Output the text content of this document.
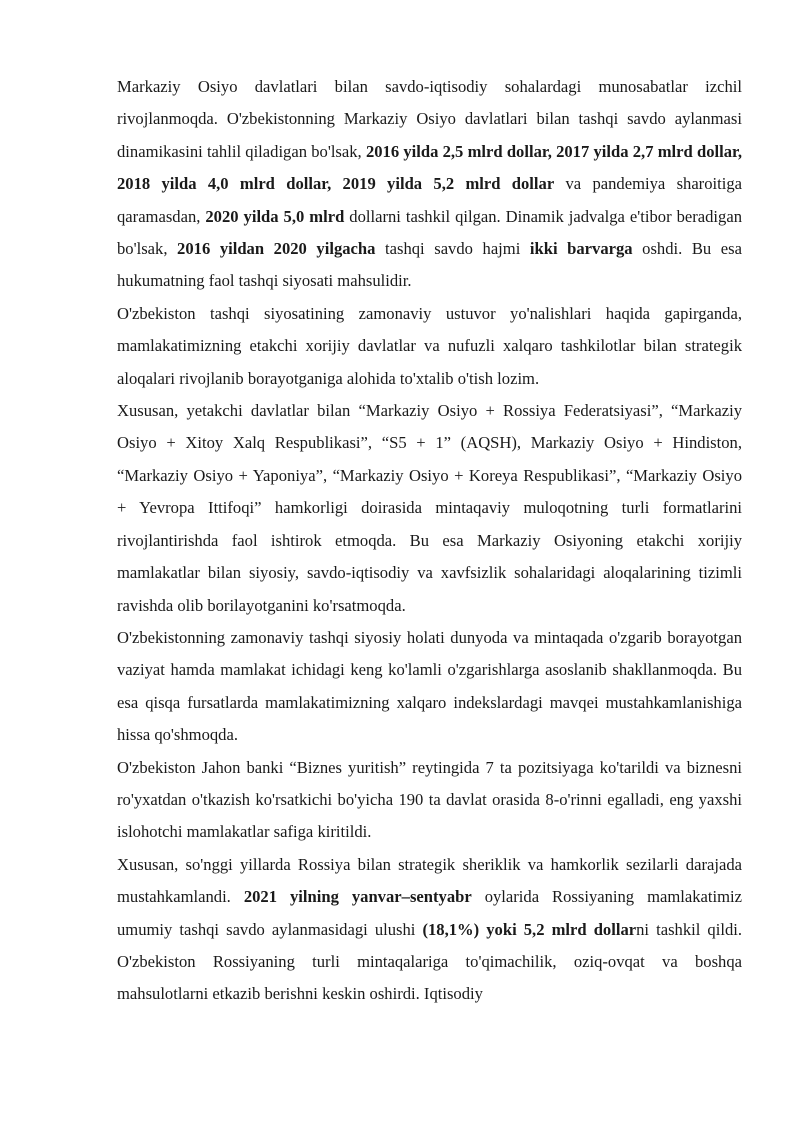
Markaziy Osiyo davlatlari bilan savdo-iqtisodiy sohalardagi munosabatlar izchil rivojlanmoqda. O'zbekistonning Markaziy Osiyo davlatlari bilan tashqi savdo aylanmasi dinamikasini tahlil qiladigan bo'lsak, 2016 yilda 2,5 mlrd dollar, 2017 yilda 2,7 mlrd dollar, 2018 yilda 4,0 mlrd dollar, 2019 yilda 5,2 mlrd dollar va pandemiya sharoitiga qaramasdan, 2020 yilda 5,0 mlrd dollarni tashkil qilgan. Dinamik jadvalga e'tibor beradigan bo'lsak, 2016 yildan 2020 yilgacha tashqi savdo hajmi ikki barvarga oshdi. Bu esa hukumatning faol tashqi siyosati mahsulidir.

O'zbekiston tashqi siyosatining zamonaviy ustuvor yo'nalishlari haqida gapirganda, mamlakatimizning etakchi xorijiy davlatlar va nufuzli xalqaro tashkilotlar bilan strategik aloqalari rivojlanib borayotganiga alohida to'xtalib o'tish lozim.

Xususan, yetakchi davlatlar bilan “Markaziy Osiyo + Rossiya Federatsiyasi”, “Markaziy Osiyo + Xitoy Xalq Respublikasi”, “S5 + 1” (AQSH), Markaziy Osiyo + Hindiston, “Markaziy Osiyo + Yaponiya”, “Markaziy Osiyo + Koreya Respublikasi”, “Markaziy Osiyo + Yevropa Ittifoqi” hamkorligi doirasida mintaqaviy muloqotning turli formatlarini rivojlantirishda faol ishtirok etmoqda. Bu esa Markaziy Osiyoning etakchi xorijiy mamlakatlar bilan siyosiy, savdo-iqtisodiy va xavfsizlik sohalaridagi aloqalarining tizimli ravishda olib borilayotganini ko'rsatmoqda.

O'zbekistonning zamonaviy tashqi siyosiy holati dunyoda va mintaqada o'zgarib borayotgan vaziyat hamda mamlakat ichidagi keng ko'lamli o'zgarishlarga asoslanib shakllanmoqda. Bu esa qisqa fursatlarda mamlakatimizning xalqaro indekslardagi mavqei mustahkamlanishiga hissa qo'shmoqda.

O'zbekiston Jahon banki “Biznes yuritish” reytingida 7 ta pozitsiyaga ko'tarildi va biznesni ro'yxatdan o'tkazish ko'rsatkichi bo'yicha 190 ta davlat orasida 8-o'rinni egalladi, eng yaxshi islohotchi mamlakatlar safiga kiritildi.

Xususan, so'nggi yillarda Rossiya bilan strategik sheriklik va hamkorlik sezilarli darajada mustahkamlandi. 2021 yilning yanvar–sentyabr oylarida Rossiyaning mamlakatimiz umumiy tashqi savdo aylanmasidagi ulushi (18,1%) yoki 5,2 mlrd dollarni tashkil qildi. O'zbekiston Rossiyaning turli mintaqalariga to'qimachilik, oziq-ovqat va boshqa mahsulotlarni etkazib berishni keskin oshirdi. Iqtisodiy
